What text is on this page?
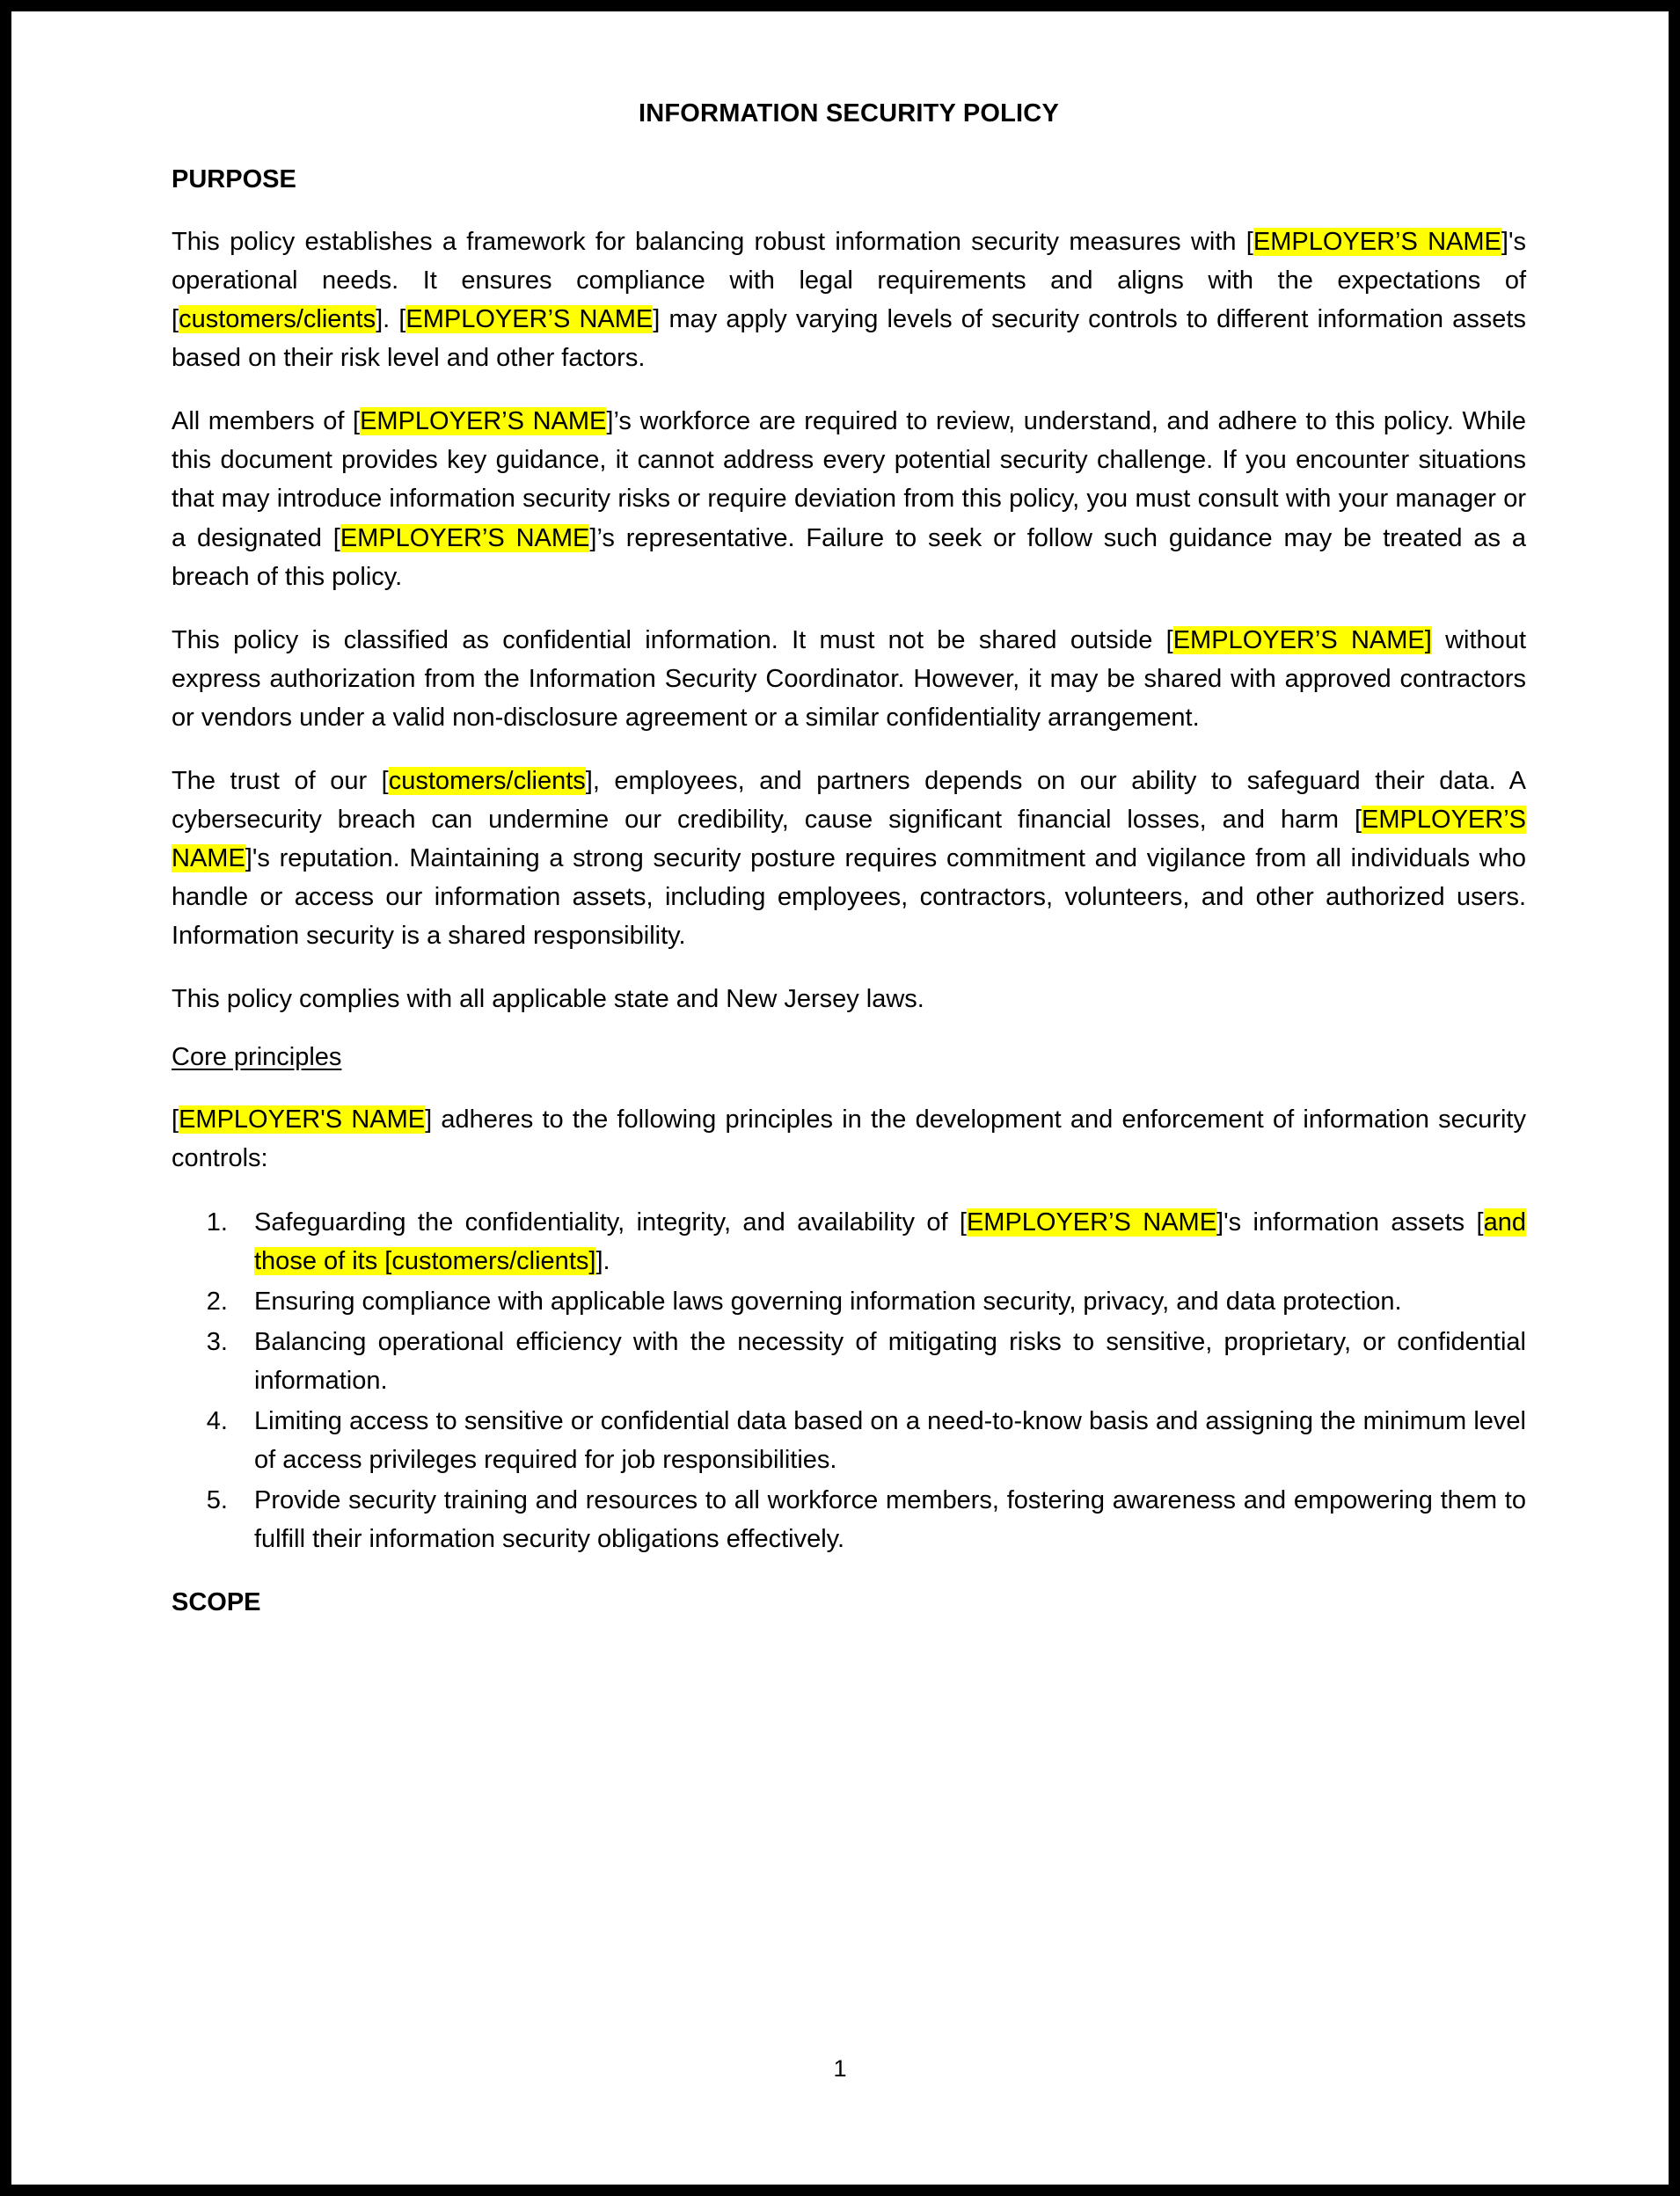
INFORMATION SECURITY POLICY
PURPOSE

This policy establishes a framework for balancing robust information security measures with [EMPLOYER’S NAME]'s operational needs. It ensures compliance with legal requirements and aligns with the expectations of [customers/clients]. [EMPLOYER’S NAME] may apply varying levels of security controls to different information assets based on their risk level and other factors.

All members of [EMPLOYER’S NAME]’s workforce are required to review, understand, and adhere to this policy. While this document provides key guidance, it cannot address every potential security challenge. If you encounter situations that may introduce information security risks or require deviation from this policy, you must consult with your manager or a designated [EMPLOYER’S NAME]’s representative. Failure to seek or follow such guidance may be treated as a breach of this policy.

This policy is classified as confidential information. It must not be shared outside [EMPLOYER’S NAME] without express authorization from the Information Security Coordinator. However, it may be shared with approved contractors or vendors under a valid non-disclosure agreement or a similar confidentiality arrangement.

The trust of our [customers/clients], employees, and partners depends on our ability to safeguard their data. A cybersecurity breach can undermine our credibility, cause significant financial losses, and harm [EMPLOYER’S NAME]'s reputation. Maintaining a strong security posture requires commitment and vigilance from all individuals who handle or access our information assets, including employees, contractors, volunteers, and other authorized users. Information security is a shared responsibility.

This policy complies with all applicable state and New Jersey laws.

Core principles

[EMPLOYER'S NAME] adheres to the following principles in the development and enforcement of information security controls:

1. Safeguarding the confidentiality, integrity, and availability of [EMPLOYER’S NAME]'s information assets [and those of its [customers/clients]].
2. Ensuring compliance with applicable laws governing information security, privacy, and data protection.
3. Balancing operational efficiency with the necessity of mitigating risks to sensitive, proprietary, or confidential information.
4. Limiting access to sensitive or confidential data based on a need-to-know basis and assigning the minimum level of access privileges required for job responsibilities.
5. Provide security training and resources to all workforce members, fostering awareness and empowering them to fulfill their information security obligations effectively.
SCOPE
1
